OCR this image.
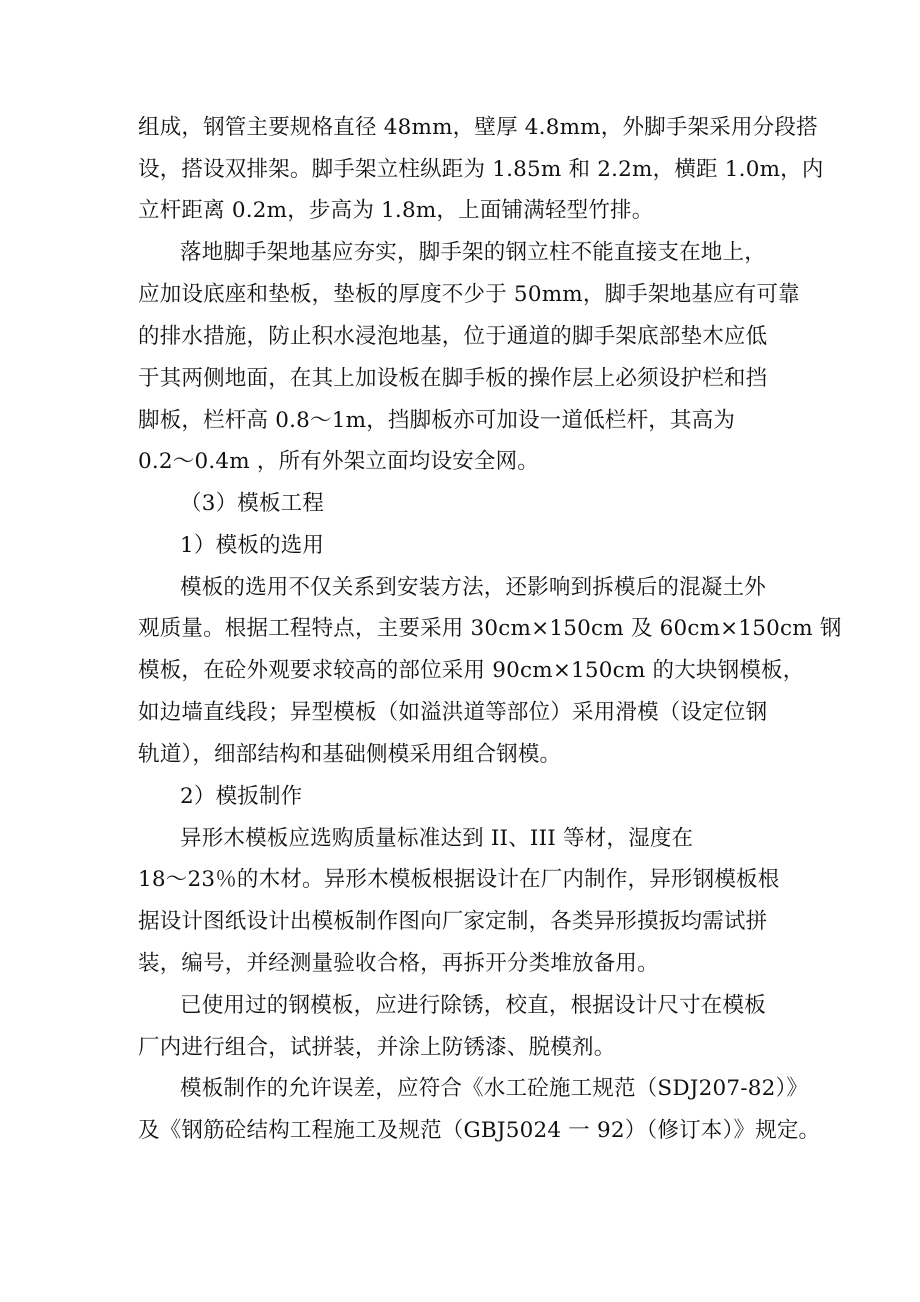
组成，钢管主要规格直径 48mm，壁厚 4.8mm，外脚手架采用分段搭
设，搭设双排架。脚手架立柱纵距为 1.85m 和 2.2m，横距 1.0m，内
立杆距离 0.2m，步高为 1.8m，上面铺满轻型竹排。
落地脚手架地基应夯实，脚手架的钢立柱不能直接支在地上，
应加设底座和垫板，垫板的厚度不少于 50mm，脚手架地基应有可靠
的排水措施，防止积水浸泡地基，位于通道的脚手架底部垫木应低
于其两侧地面，在其上加设板在脚手板的操作层上必须设护栏和挡
脚板，栏杆高 0.8～1m，挡脚板亦可加设一道低栏杆，其高为
0.2～0.4m ，所有外架立面均设安全网。
（3）模板工程
1）模板的选用
模板的选用不仅关系到安装方法，还影响到拆模后的混凝土外
观质量。根据工程特点，主要采用 30cm×150cm 及 60cm×150cm 钢
模板，在砼外观要求较高的部位采用 90cm×150cm 的大块钢模板，
如边墙直线段；异型模板（如溢洪道等部位）采用滑模（设定位钢
轨道），细部结构和基础侧模采用组合钢模。
2）模扳制作
异形木模板应选购质量标准达到 II、III 等材，湿度在
18～23％的木材。异形木模板根据设计在厂内制作，异形钢模板根
据设计图纸设计出模板制作图向厂家定制，各类异形摸扳均需试拼
装，编号，并经测量验收合格，再拆开分类堆放备用。
已使用过的钢模板，应进行除锈，校直，根据设计尺寸在模板
厂内进行组合，试拼装，并涂上防锈漆、脱模剂。
模板制作的允许误差，应符合《水工砼施工规范（SDJ207-82）》
及《钢筋砼结构工程施工及规范（GBJ5024 一 92）（修订本）》规定。
